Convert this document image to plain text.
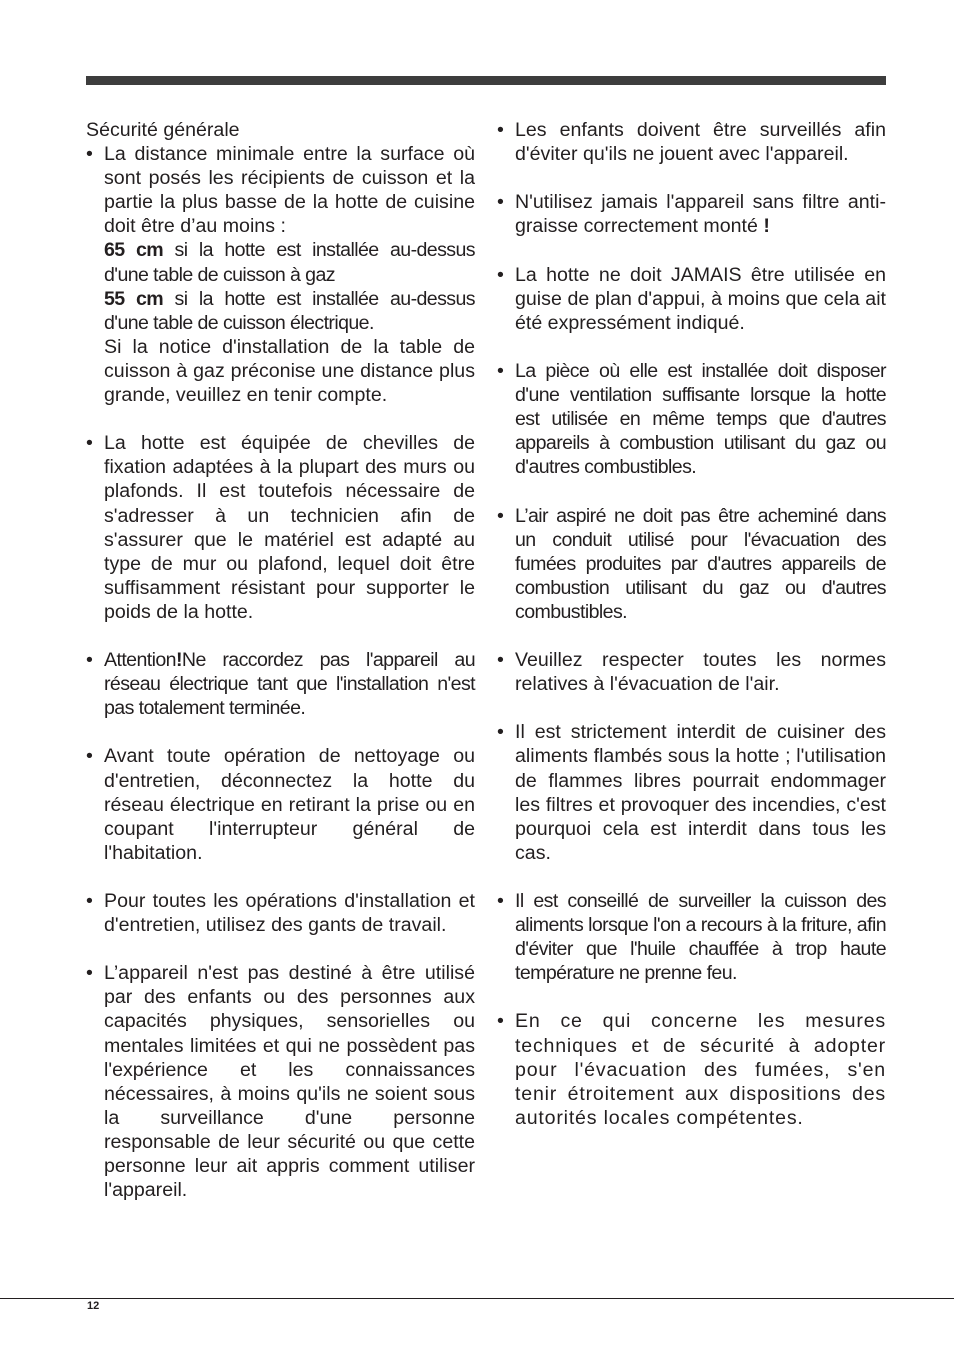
Sécurité générale

• La distance minimale entre la surface où sont posés les récipients de cuisson et la partie la plus basse de la hotte de cuisine doit être d’au moins :

65 cm si la hotte est installée au-dessus d'une table de cuisson à gaz

55 cm si la hotte est installée au-dessus d'une table de cuisson électrique.

Si la notice d'installation de la table de cuisson à gaz préconise une distance plus grande, veuillez en tenir compte.

• La hotte est équipée de chevilles de fixation adaptées à la plupart des murs ou plafonds. Il est toutefois nécessaire de s'adresser à un technicien afin de s'assurer que le matériel est adapté au type de mur ou plafond, lequel doit être suffisamment résistant pour supporter le poids de la hotte.

• Attention!Ne raccordez pas l'appareil au réseau électrique tant que l'installation n'est pas totalement terminée.

• Avant toute opération de nettoyage ou d'entretien, déconnectez la hotte du réseau électrique en retirant la prise ou en coupant l'interrupteur général de l'habitation.

• Pour toutes les opérations d'installation et d'entretien, utilisez des gants de travail.

• L’appareil n'est pas destiné à être utilisé par des enfants ou des personnes aux capacités physiques, sensorielles ou mentales limitées et qui ne possèdent pas l'expérience et les connaissances nécessaires, à moins qu'ils ne soient sous la surveillance d'une personne responsable de leur sécurité ou que cette personne leur ait appris comment utiliser l'appareil.

• Les enfants doivent être surveillés afin d'éviter qu'ils ne jouent avec l'appareil.

• N'utilisez jamais l'appareil sans filtre anti-graisse correctement monté !

• La hotte ne doit JAMAIS être utilisée en guise de plan d'appui, à moins que cela ait été expressément indiqué.

• La pièce où elle est installée doit disposer d'une ventilation suffisante lorsque la hotte est utilisée en même temps que d'autres appareils à combustion utilisant du gaz ou d'autres combustibles.

• L’air aspiré ne doit pas être acheminé dans un conduit utilisé pour l'évacuation des fumées produites par d'autres appareils de combustion utilisant du gaz ou d'autres combustibles.

• Veuillez respecter toutes les normes relatives à l'évacuation de l'air.

• Il est strictement interdit de cuisiner des aliments flambés sous la hotte ; l'utilisation de flammes libres pourrait endommager les filtres et provoquer des incendies, c'est pourquoi cela est interdit dans tous les cas.

• Il est conseillé de surveiller la cuisson des aliments lorsque l'on a recours à la friture, afin d'éviter que l'huile chauffée à trop haute température ne prenne feu.

• En ce qui concerne les mesures techniques et de sécurité à adopter pour l'évacuation des fumées, s'en tenir étroitement aux dispositions des autorités locales compétentes.

12
